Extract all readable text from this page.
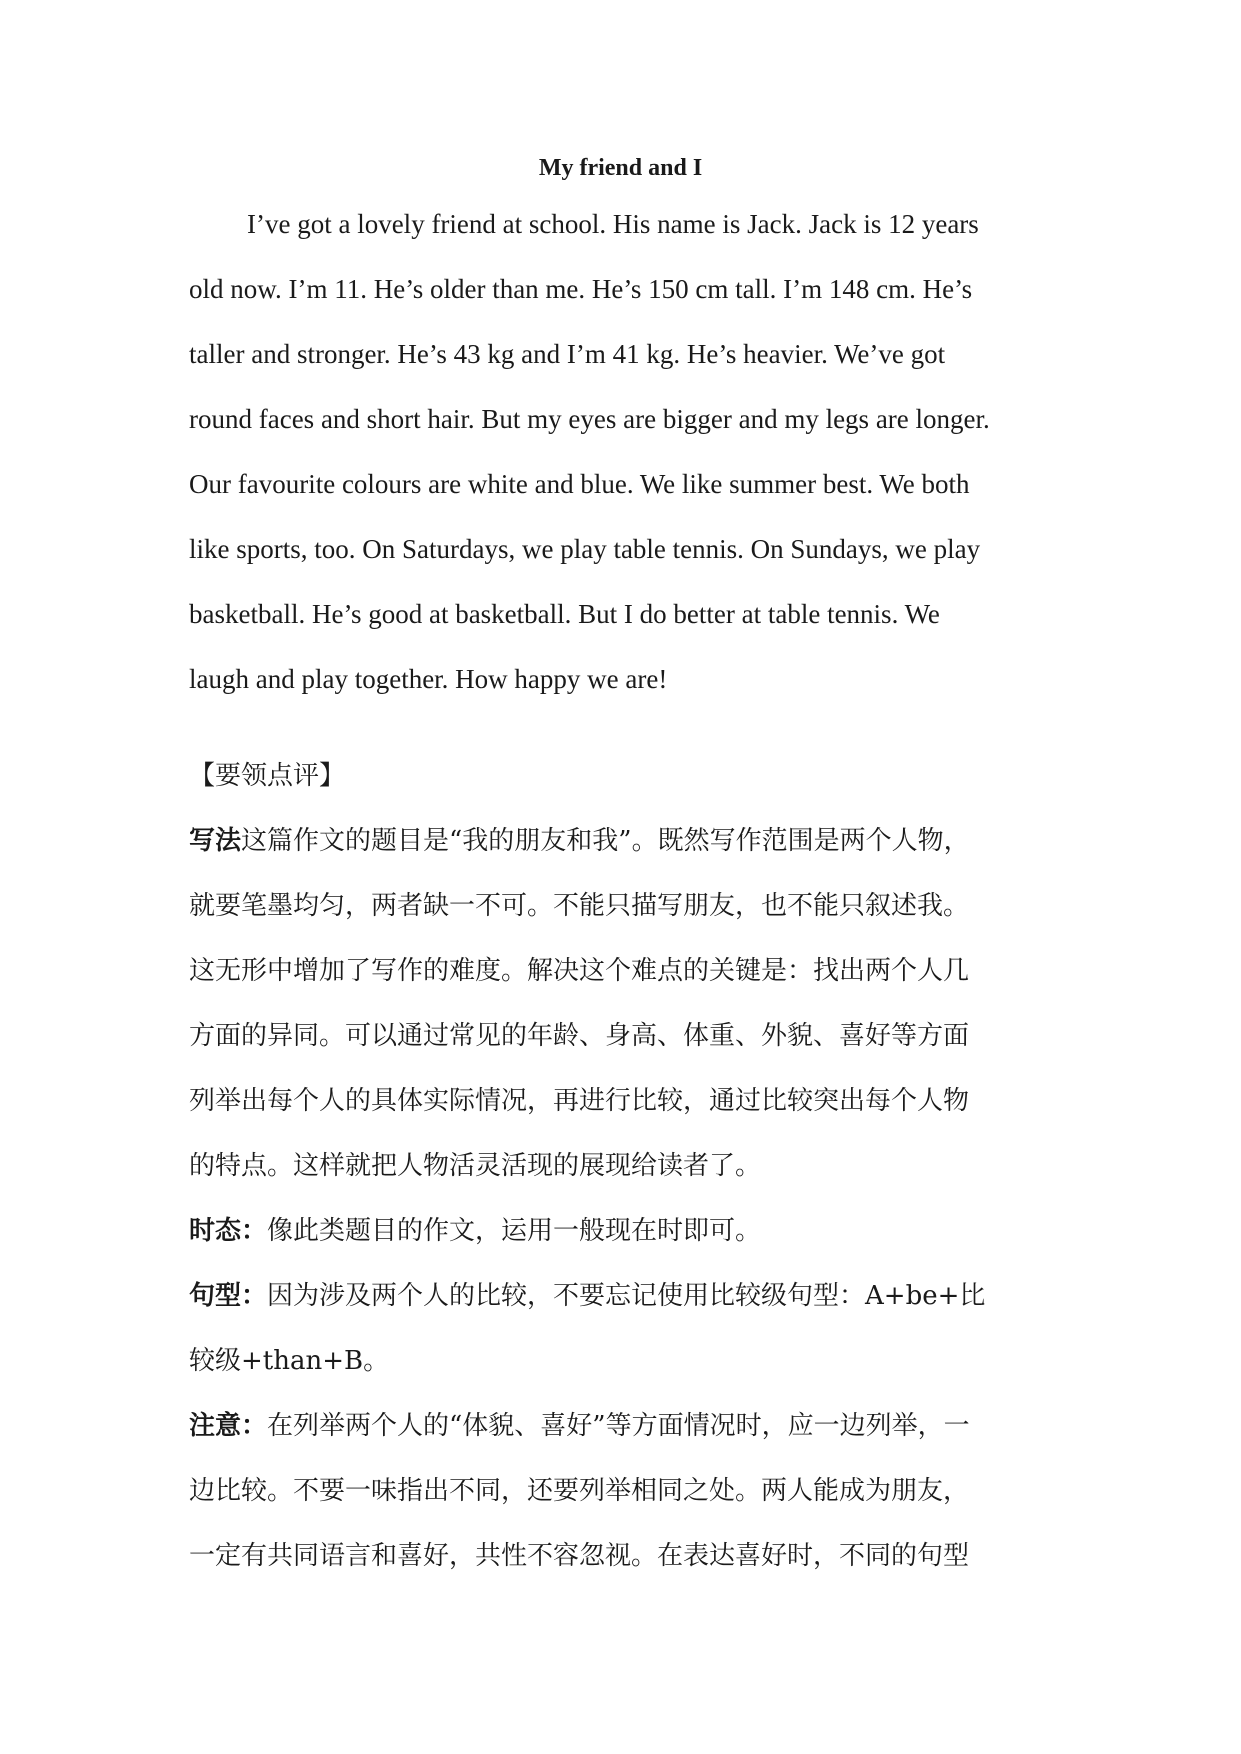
My friend and I
I’ve got a lovely friend at school. His name is Jack. Jack is 12 years
old now. I’m 11. He’s older than me. He’s 150 cm tall. I’m 148 cm. He’s
taller and stronger. He’s 43 kg and I’m 41 kg. He’s heavier. We’ve got
round faces and short hair. But my eyes are bigger and my legs are longer.
Our favourite colours are white and blue. We like summer best. We both
like sports, too. On Saturdays, we play table tennis. On Sundays, we play
basketball. He’s good at basketball. But I do better at table tennis. We
laugh and play together. How happy we are!
【要领点评】
写法这篇作文的题目是“我的朋友和我”。既然写作范围是两个人物，
就要笔墨均匀，两者缺一不可。不能只描写朋友，也不能只叙述我。
这无形中增加了写作的难度。解决这个难点的关键是：找出两个人几
方面的异同。可以通过常见的年龄、身高、体重、外貌、喜好等方面
列举出每个人的具体实际情况，再进行比较，通过比较突出每个人物
的特点。这样就把人物活灵活现的展现给读者了。
时态：像此类题目的作文，运用一般现在时即可。
句型：因为涉及两个人的比较，不要忘记使用比较级句型：A+be+比
较级+than+B。
注意：在列举两个人的“体貌、喜好”等方面情况时，应一边列举，一
边比较。不要一味指出不同，还要列举相同之处。两人能成为朋友，
一定有共同语言和喜好，共性不容忽视。在表达喜好时，不同的句型
